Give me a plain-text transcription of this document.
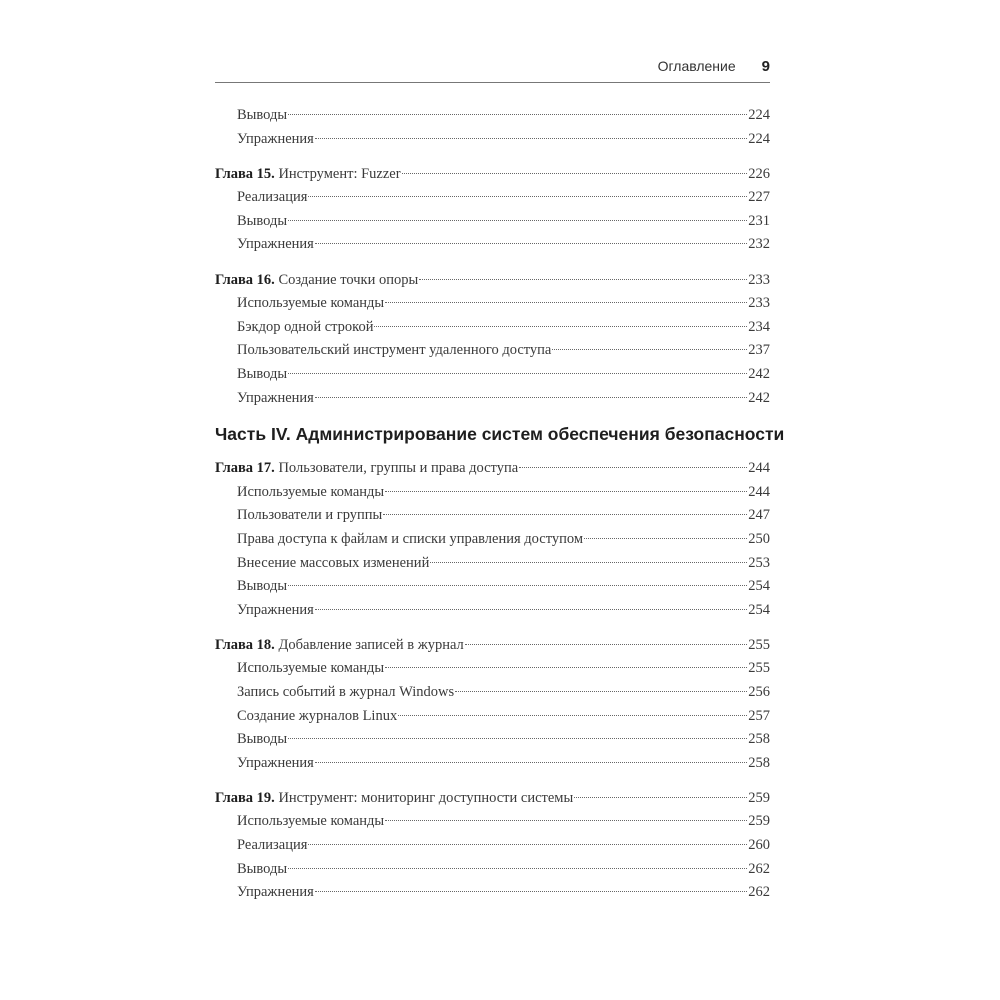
Оглавление 9
Выводы	224
Упражнения	224
Глава 15. Инструмент: Fuzzer	226
Реализация	227
Выводы	231
Упражнения	232
Глава 16. Создание точки опоры	233
Используемые команды	233
Бэкдор одной строкой	234
Пользовательский инструмент удаленного доступа	237
Выводы	242
Упражнения	242
Часть IV. Администрирование систем обеспечения безопасности
Глава 17. Пользователи, группы и права доступа	244
Используемые команды	244
Пользователи и группы	247
Права доступа к файлам и списки управления доступом	250
Внесение массовых изменений	253
Выводы	254
Упражнения	254
Глава 18. Добавление записей в журнал	255
Используемые команды	255
Запись событий в журнал Windows	256
Создание журналов Linux	257
Выводы	258
Упражнения	258
Глава 19. Инструмент: мониторинг доступности системы	259
Используемые команды	259
Реализация	260
Выводы	262
Упражнения	262
